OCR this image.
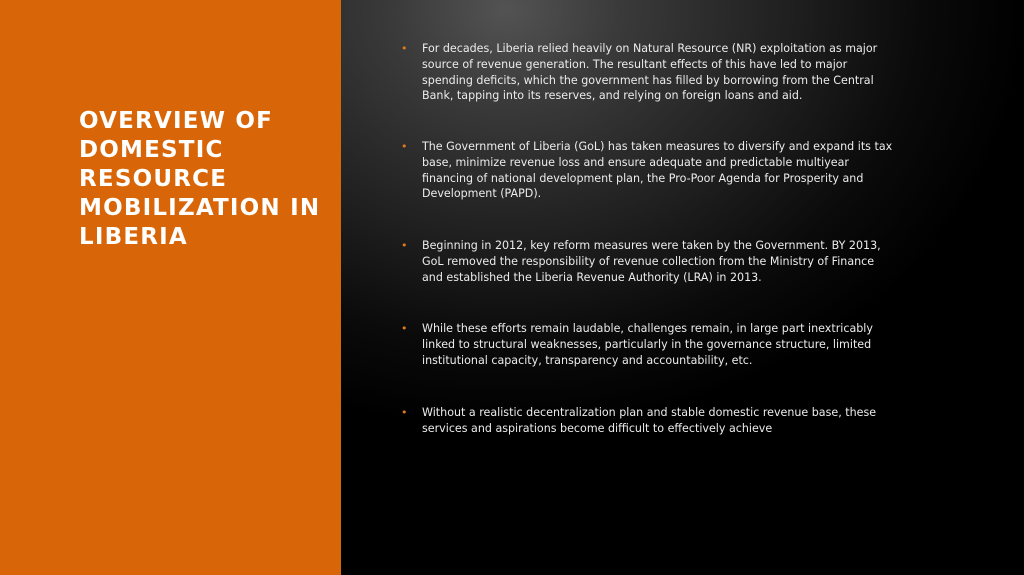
OVERVIEW OF DOMESTIC RESOURCE MOBILIZATION IN LIBERIA
• For decades, Liberia relied heavily on Natural Resource (NR) exploitation as major source of revenue generation. The resultant effects of this have led to major spending deficits, which the government has filled by borrowing from the Central Bank, tapping into its reserves, and relying on foreign loans and aid.
• The Government of Liberia (GoL) has taken measures to diversify and expand its tax base, minimize revenue loss and ensure adequate and predictable multiyear financing of national development plan, the Pro-Poor Agenda for Prosperity and Development (PAPD).
• Beginning in 2012, key reform measures were taken by the Government. BY 2013, GoL removed the responsibility of revenue collection from the Ministry of Finance and established the Liberia Revenue Authority (LRA) in 2013.
• While these efforts remain laudable, challenges remain, in large part inextricably linked to structural weaknesses, particularly in the governance structure, limited institutional capacity, transparency and accountability, etc.
• Without a realistic decentralization plan and stable domestic revenue base, these services and aspirations become difficult to effectively achieve
